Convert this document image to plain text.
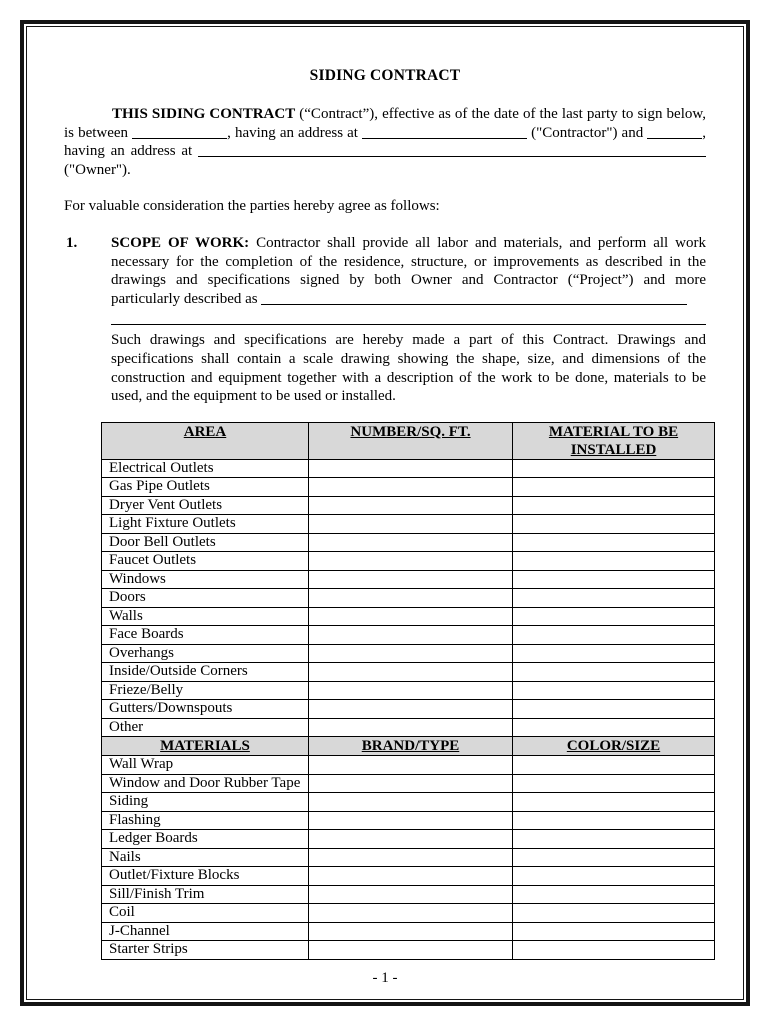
SIDING CONTRACT

THIS SIDING CONTRACT (“Contract”), effective as of the date of the last party to sign below, is between	, having an address at	("Contractor") and	, having an address at  ("Owner").

For valuable consideration the parties hereby agree as follows:

1.	SCOPE OF WORK: Contractor shall provide all labor and materials, and perform all work necessary for the completion of the residence, structure, or improvements as described in the drawings and specifications signed by both Owner and Contractor (“Project”) and more particularly described as

Such drawings and specifications are hereby made a part of this Contract. Drawings and specifications shall contain a scale drawing showing the shape, size, and dimensions of the construction and equipment together with a description of the work to be done, materials to be used, and the equipment to be used or installed.

AREA	NUMBER/SQ. FT.	MATERIAL TO BE INSTALLED
Electrical Outlets		
Gas Pipe Outlets		
Dryer Vent Outlets		
Light Fixture Outlets		
Door Bell Outlets		
Faucet Outlets		
Windows		
Doors		
Walls		
Face Boards		
Overhangs		
Inside/Outside Corners		
Frieze/Belly		
Gutters/Downspouts		
Other		
MATERIALS	BRAND/TYPE	COLOR/SIZE
Wall Wrap		
Window and Door Rubber Tape		
Siding		
Flashing		
Ledger Boards		
Nails		
Outlet/Fixture Blocks		
Sill/Finish Trim		
Coil		
J-Channel		
Starter Strips		
- 1 -
